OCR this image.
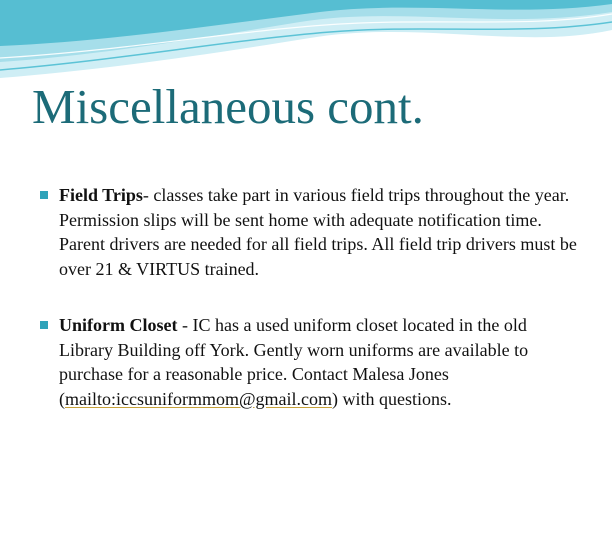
Miscellaneous cont.
Field Trips- classes take part in various field trips throughout the year. Permission slips will be sent home with adequate notification time. Parent drivers are needed for all field trips. All field trip drivers must be over 21 & VIRTUS trained.
Uniform Closet - IC has a used uniform closet located in the old Library Building off York. Gently worn uniforms are available to purchase for a reasonable price. Contact Malesa Jones (mailto:iccsuniformmom@gmail.com) with questions.
